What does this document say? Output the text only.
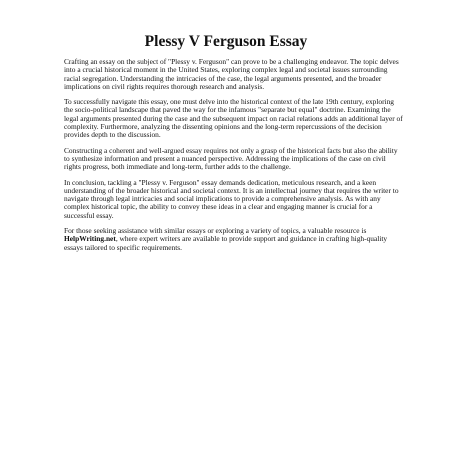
Plessy V Ferguson Essay

Crafting an essay on the subject of "Plessy v. Ferguson" can prove to be a challenging endeavor. The topic delves into a crucial historical moment in the United States, exploring complex legal and societal issues surrounding racial segregation. Understanding the intricacies of the case, the legal arguments presented, and the broader implications on civil rights requires thorough research and analysis.

To successfully navigate this essay, one must delve into the historical context of the late 19th century, exploring the socio-political landscape that paved the way for the infamous "separate but equal" doctrine. Examining the legal arguments presented during the case and the subsequent impact on racial relations adds an additional layer of complexity. Furthermore, analyzing the dissenting opinions and the long-term repercussions of the decision provides depth to the discussion.

Constructing a coherent and well-argued essay requires not only a grasp of the historical facts but also the ability to synthesize information and present a nuanced perspective. Addressing the implications of the case on civil rights progress, both immediate and long-term, further adds to the challenge.

In conclusion, tackling a "Plessy v. Ferguson" essay demands dedication, meticulous research, and a keen understanding of the broader historical and societal context. It is an intellectual journey that requires the writer to navigate through legal intricacies and social implications to provide a comprehensive analysis. As with any complex historical topic, the ability to convey these ideas in a clear and engaging manner is crucial for a successful essay.

For those seeking assistance with similar essays or exploring a variety of topics, a valuable resource is HelpWriting.net, where expert writers are available to provide support and guidance in crafting high-quality essays tailored to specific requirements.
